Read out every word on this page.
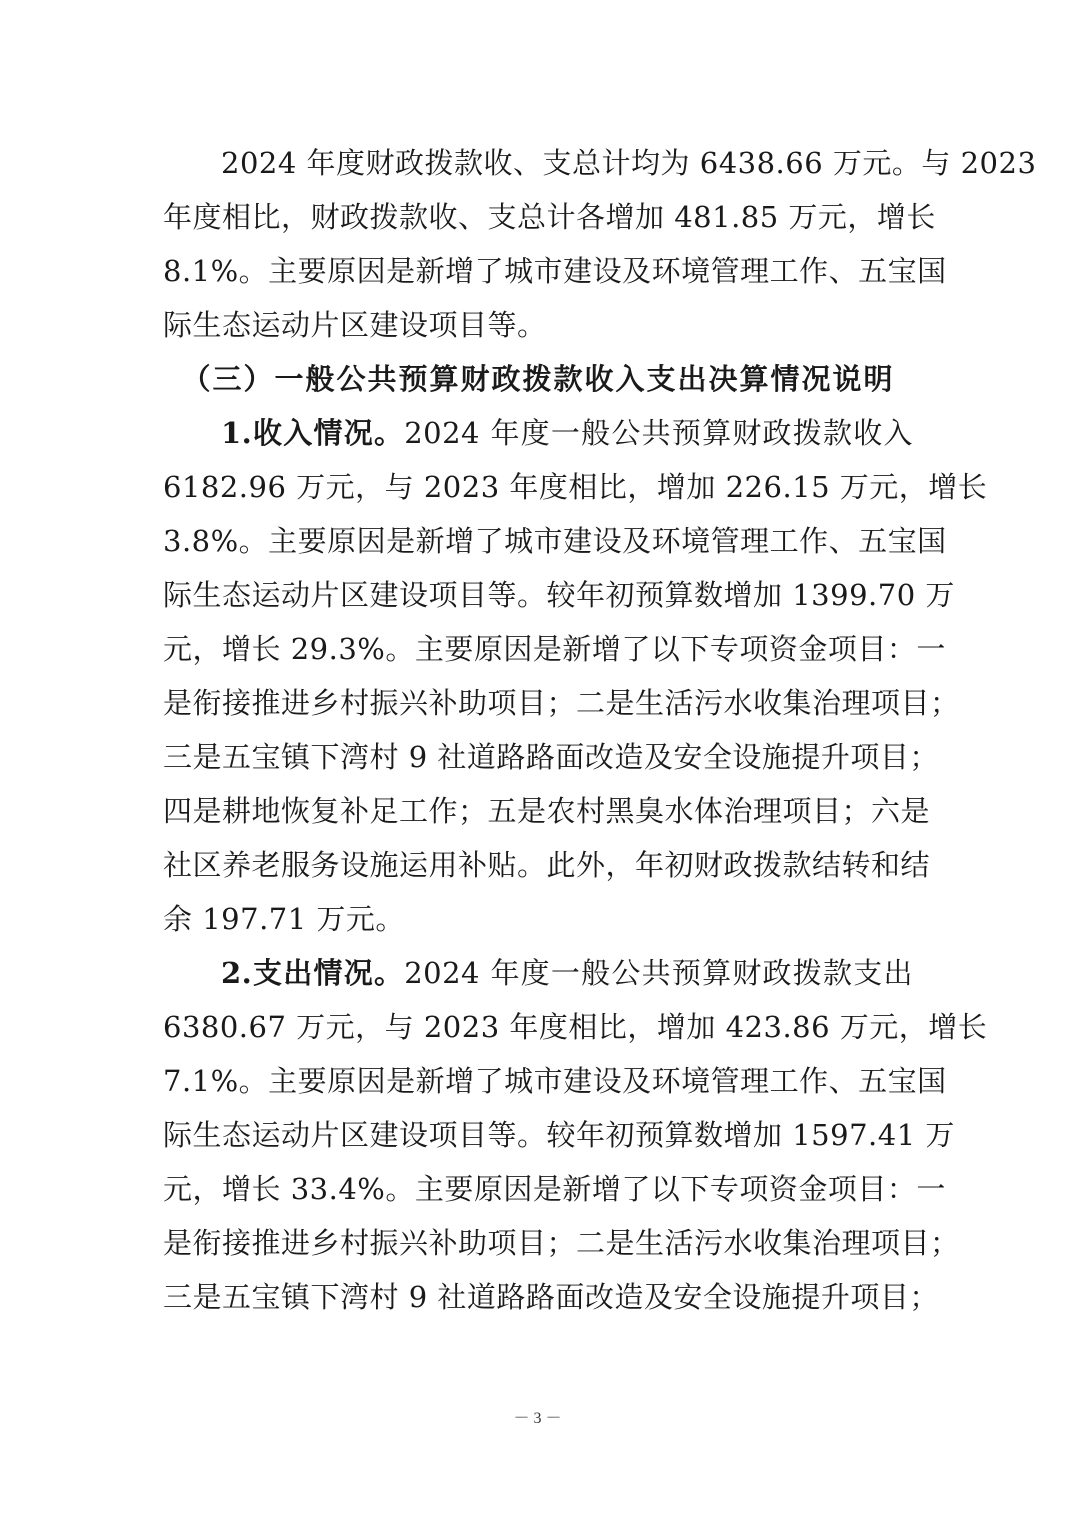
2024 年度财政拨款收、支总计均为 6438.66 万元。与 2023
年度相比，财政拨款收、支总计各增加 481.85 万元，增长
8.1%。主要原因是新增了城市建设及环境管理工作、五宝国
际生态运动片区建设项目等。
（三）一般公共预算财政拨款收入支出决算情况说明
1.收入情况。2024 年度一般公共预算财政拨款收入
6182.96 万元，与 2023 年度相比，增加 226.15 万元，增长
3.8%。主要原因是新增了城市建设及环境管理工作、五宝国
际生态运动片区建设项目等。较年初预算数增加 1399.70 万
元，增长 29.3%。主要原因是新增了以下专项资金项目：一
是衔接推进乡村振兴补助项目；二是生活污水收集治理项目；
三是五宝镇下湾村 9 社道路路面改造及安全设施提升项目；
四是耕地恢复补足工作；五是农村黑臭水体治理项目；六是
社区养老服务设施运用补贴。此外，年初财政拨款结转和结
余 197.71 万元。
2.支出情况。2024 年度一般公共预算财政拨款支出
6380.67 万元，与 2023 年度相比，增加 423.86 万元，增长
7.1%。主要原因是新增了城市建设及环境管理工作、五宝国
际生态运动片区建设项目等。较年初预算数增加 1597.41 万
元，增长 33.4%。主要原因是新增了以下专项资金项目：一
是衔接推进乡村振兴补助项目；二是生活污水收集治理项目；
三是五宝镇下湾村 9 社道路路面改造及安全设施提升项目；
－ 3 －
